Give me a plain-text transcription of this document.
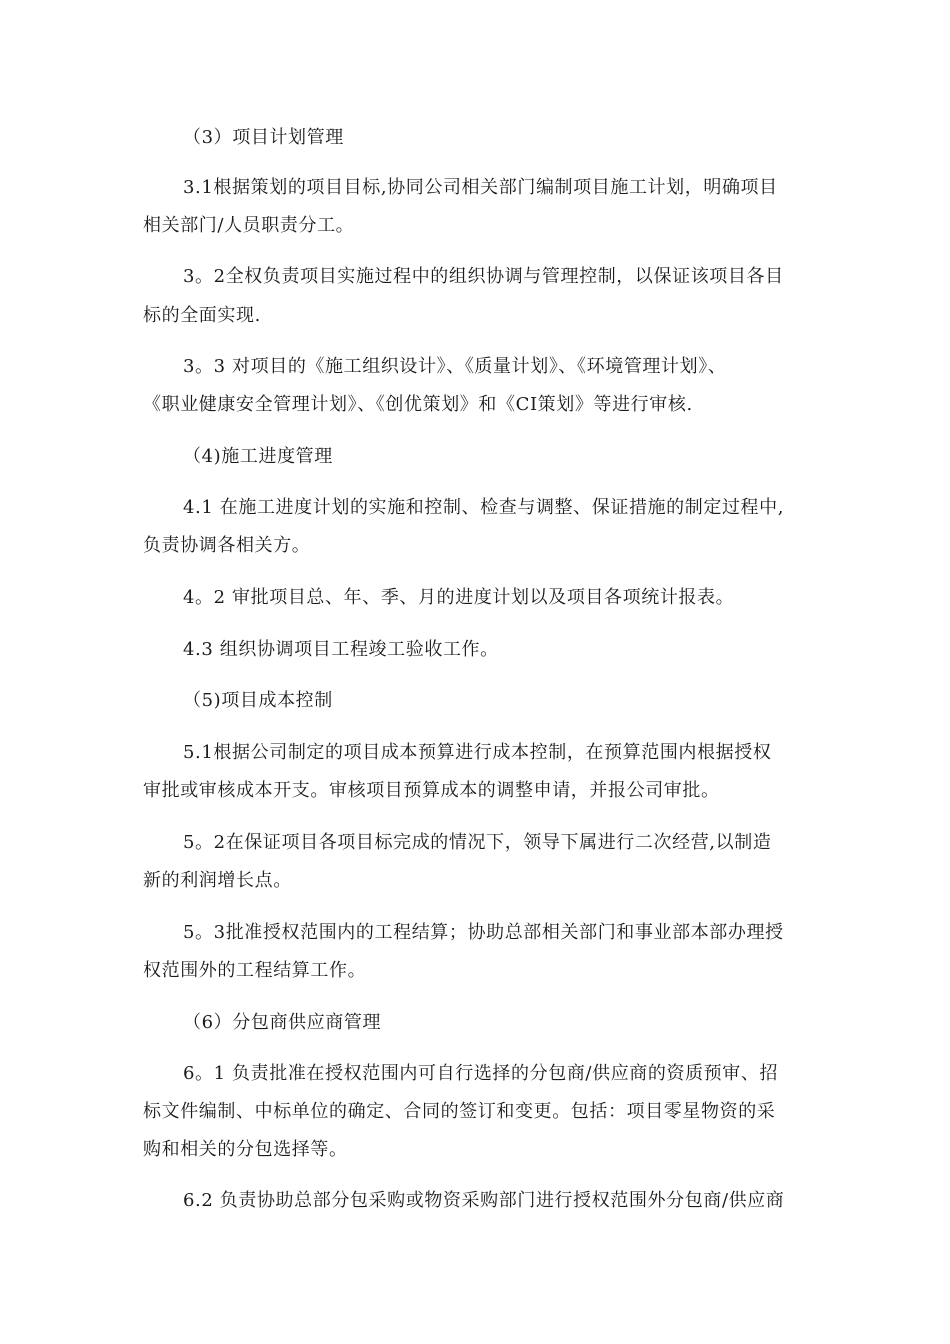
（3）项目计划管理
3.1根据策划的项目目标,协同公司相关部门编制项目施工计划，明确项目
相关部门/人员职责分工。
3。2全权负责项目实施过程中的组织协调与管理控制，以保证该项目各目
标的全面实现.
3。3 对项目的《施工组织设计》、《质量计划》、《环境管理计划》、
《职业健康安全管理计划》、《创优策划》和《CI策划》等进行审核.
（4)施工进度管理
4.1 在施工进度计划的实施和控制、检查与调整、保证措施的制定过程中,
负责协调各相关方。
4。2 审批项目总、年、季、月的进度计划以及项目各项统计报表。
4.3 组织协调项目工程竣工验收工作。
（5)项目成本控制
5.1根据公司制定的项目成本预算进行成本控制，在预算范围内根据授权
审批或审核成本开支。审核项目预算成本的调整申请，并报公司审批。
5。2在保证项目各项目标完成的情况下，领导下属进行二次经营,以制造
新的利润增长点。
5。3批准授权范围内的工程结算；协助总部相关部门和事业部本部办理授
权范围外的工程结算工作。
（6）分包商供应商管理
6。1 负责批准在授权范围内可自行选择的分包商/供应商的资质预审、招
标文件编制、中标单位的确定、合同的签订和变更。包括：项目零星物资的采
购和相关的分包选择等。
6.2 负责协助总部分包采购或物资采购部门进行授权范围外分包商/供应商
